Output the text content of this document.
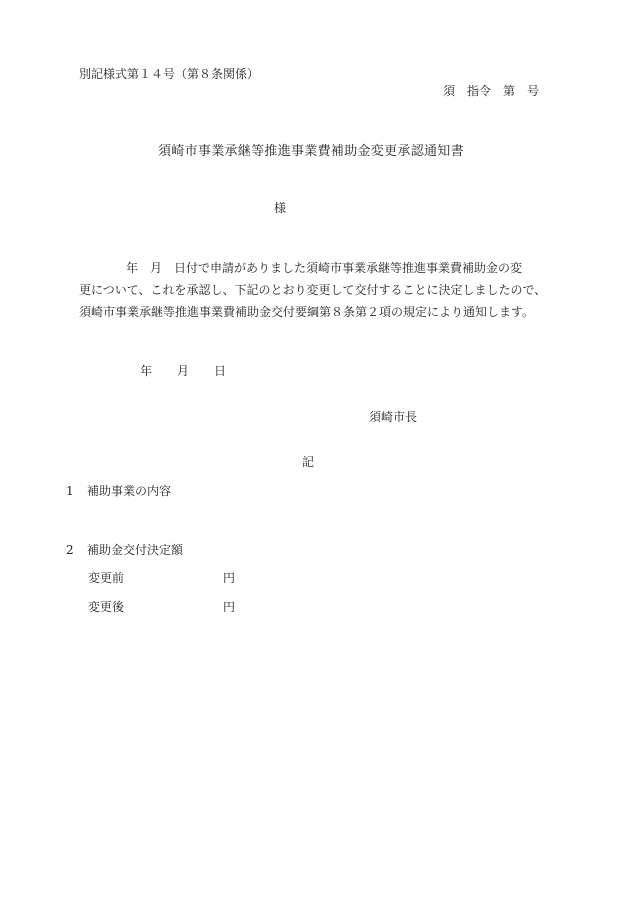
別記様式第１４号（第８条関係）
須　指令　第　号
須崎市事業承継等推進事業費補助金変更承認通知書
様
年　月　日付で申請がありました須崎市事業承継等推進事業費補助金の変
更について、これを承認し、下記のとおり変更して交付することに決定しましたので、
須崎市事業承継等推進事業費補助金交付要綱第８条第２項の規定により通知します。
年 月 日
須崎市長
記
1 補助事業の内容
2 補助金交付決定額
変更前	円
変更後	円
